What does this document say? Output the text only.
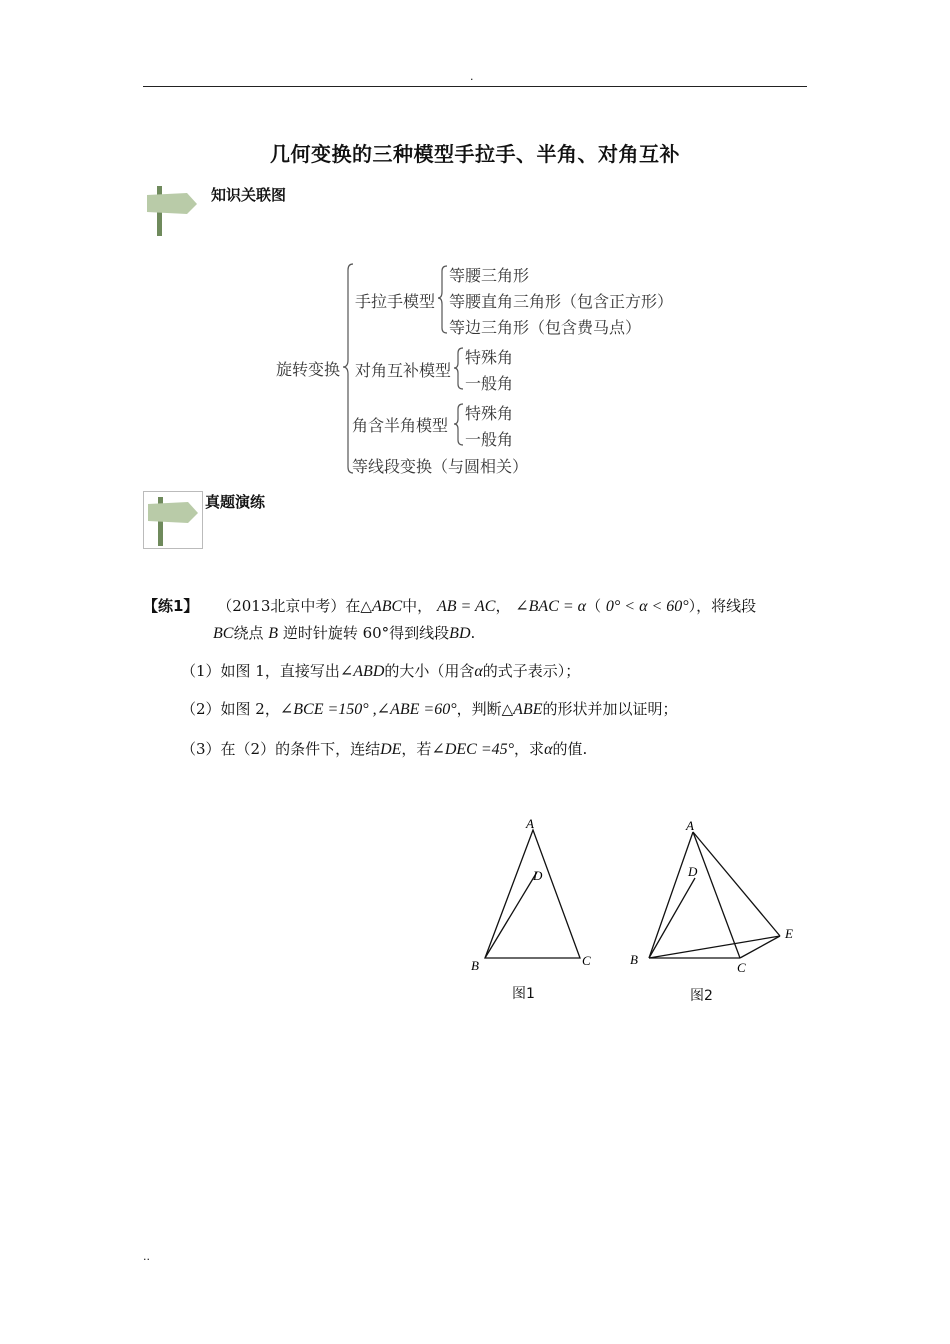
.
几何变换的三种模型手拉手、半角、对角互补
知识关联图
旋转变换
手拉手模型
等腰三角形
等腰直角三角形（包含正方形）
等边三角形（包含费马点）
对角互补模型
特殊角
一般角
角含半角模型
特殊角
一般角
等线段变换（与圆相关）
真题演练
【练1】 （2013北京中考）在△ABC中， AB = AC， ∠BAC = α（ 0° < α < 60°），将线段
BC绕点 B 逆时针旋转 60°得到线段BD.
（1）如图 1，直接写出∠ABD的大小（用含α的式子表示）；
（2）如图 2，∠BCE =150° ,∠ABE =60°，判断△ABE的形状并加以证明；
（3）在（2）的条件下，连结DE，若∠DEC =45°，求α的值.
A
D
B	C
图1
A
D
B
C
E
图2
..
